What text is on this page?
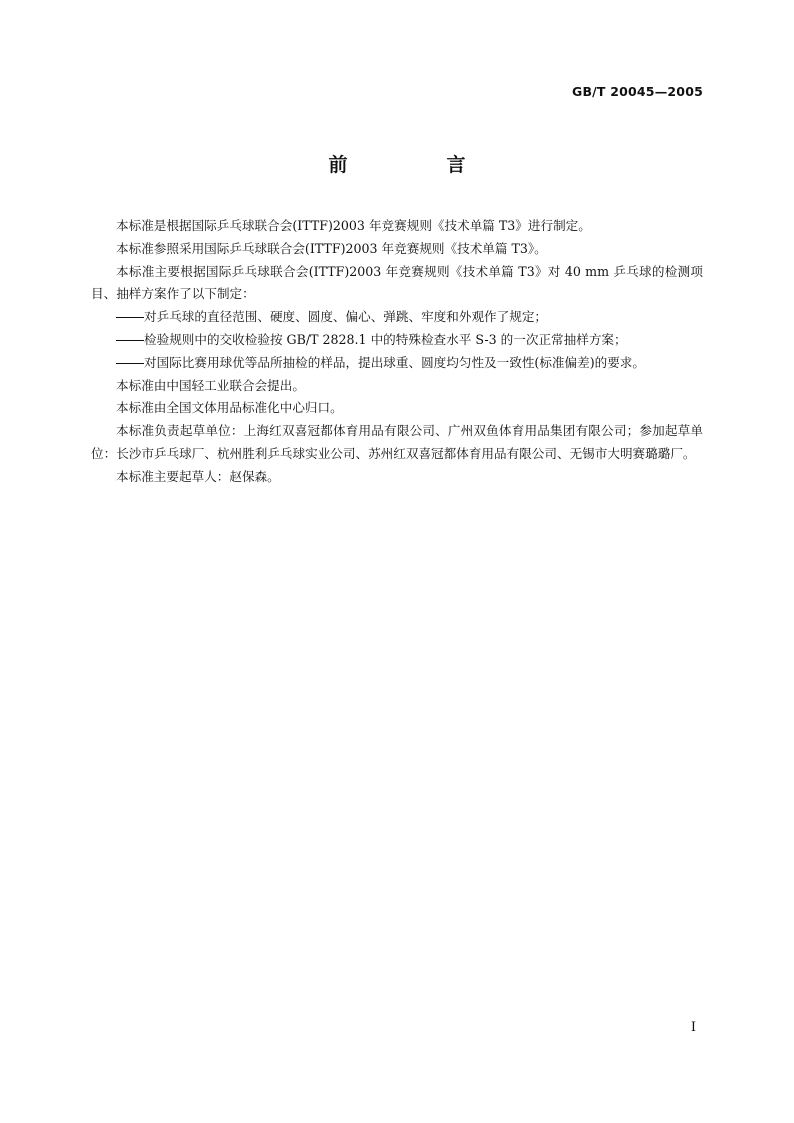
GB/T 20045—2005
前　言

本标准是根据国际乒乓球联合会(ITTF)2003 年竞赛规则《技术单篇 T3》进行制定。

本标准参照采用国际乒乓球联合会(ITTF)2003 年竞赛规则《技术单篇 T3》。

本标准主要根据国际乒乓球联合会(ITTF)2003 年竞赛规则《技术单篇 T3》对 40 mm 乒乓球的检测项目、抽样方案作了以下制定：

对乒乓球的直径范围、硬度、圆度、偏心、弹跳、牢度和外观作了规定；

检验规则中的交收检验按 GB/T 2828.1 中的特殊检查水平 S-3 的一次正常抽样方案；

对国际比赛用球优等品所抽检的样品，提出球重、圆度均匀性及一致性(标准偏差)的要求。

本标准由中国轻工业联合会提出。

本标准由全国文体用品标准化中心归口。

本标准负责起草单位：上海红双喜冠都体育用品有限公司、广州双鱼体育用品集团有限公司；参加起草单位：长沙市乒乓球厂、杭州胜利乒乓球实业公司、苏州红双喜冠都体育用品有限公司、无锡市大明赛璐璐厂。

本标准主要起草人：赵保森。

I
